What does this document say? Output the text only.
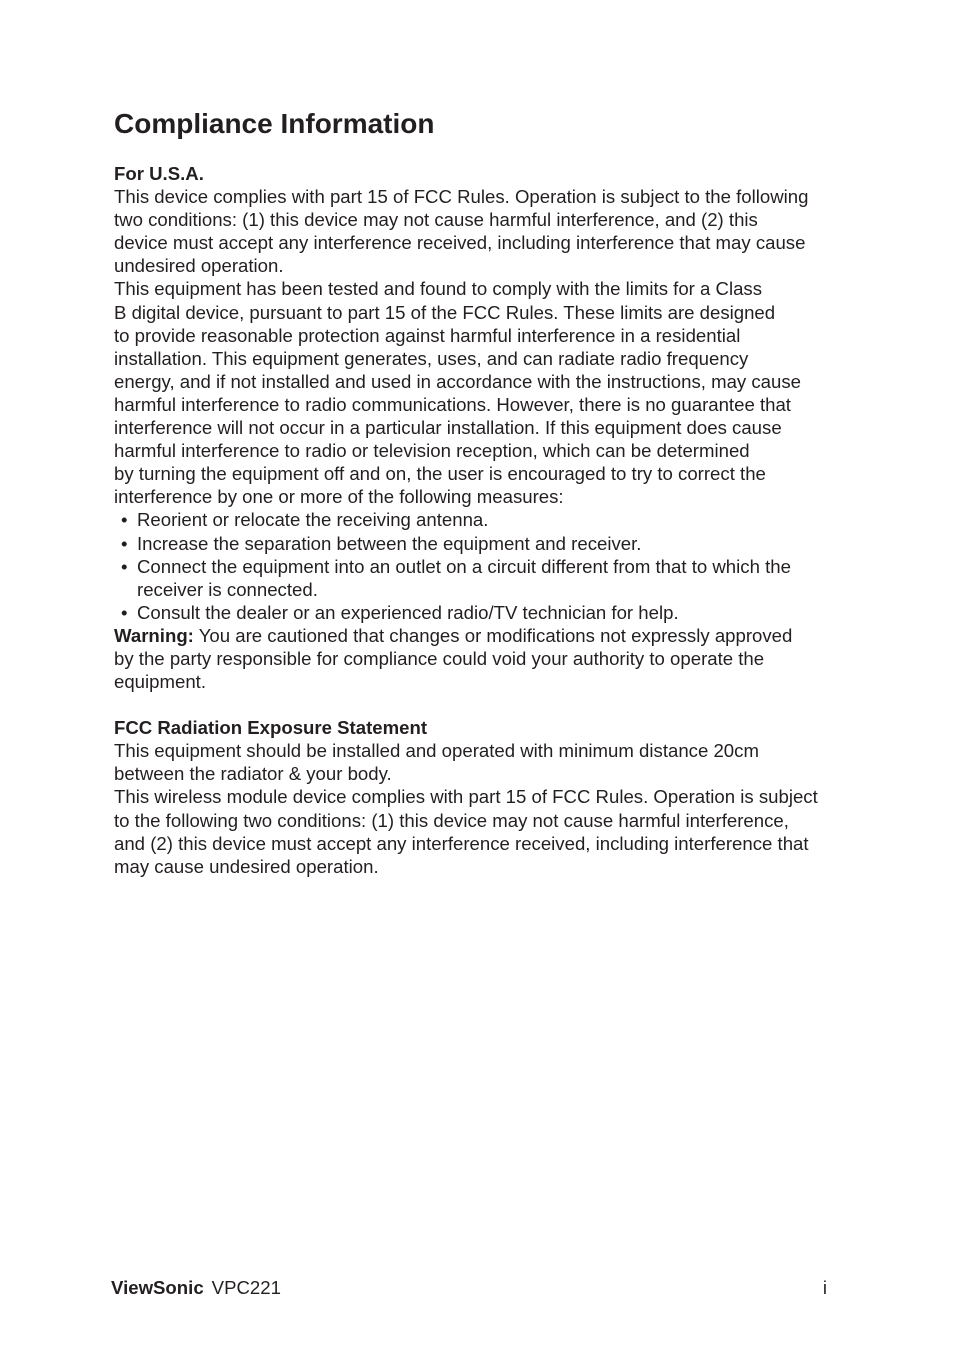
Compliance Information
For U.S.A.

This device complies with part 15 of FCC Rules. Operation is subject to the following
two conditions: (1) this device may not cause harmful interference, and (2) this
device must accept any interference received, including interference that may cause
undesired operation.

This equipment has been tested and found to comply with the limits for a Class
B digital device, pursuant to part 15 of the FCC Rules. These limits are designed
to provide reasonable protection against harmful interference in a residential
installation. This equipment generates, uses, and can radiate radio frequency
energy, and if not installed and used in accordance with the instructions, may cause
harmful interference to radio communications. However, there is no guarantee that
interference will not occur in a particular installation. If this equipment does cause
harmful interference to radio or television reception, which can be determined
by turning the equipment off and on, the user is encouraged to try to correct the
interference by one or more of the following measures:

• Reorient or relocate the receiving antenna.
• Increase the separation between the equipment and receiver.
• Connect the equipment into an outlet on a circuit different from that to which the
receiver is connected.
• Consult the dealer or an experienced radio/TV technician for help.

Warning: You are cautioned that changes or modifications not expressly approved
by the party responsible for compliance could void your authority to operate the
equipment.

FCC Radiation Exposure Statement

This equipment should be installed and operated with minimum distance 20cm
between the radiator & your body.

This wireless module device complies with part 15 of FCC Rules. Operation is subject
to the following two conditions: (1) this device may not cause harmful interference,
and (2) this device must accept any interference received, including interference that
may cause undesired operation.

ViewSonic VPC221	i
